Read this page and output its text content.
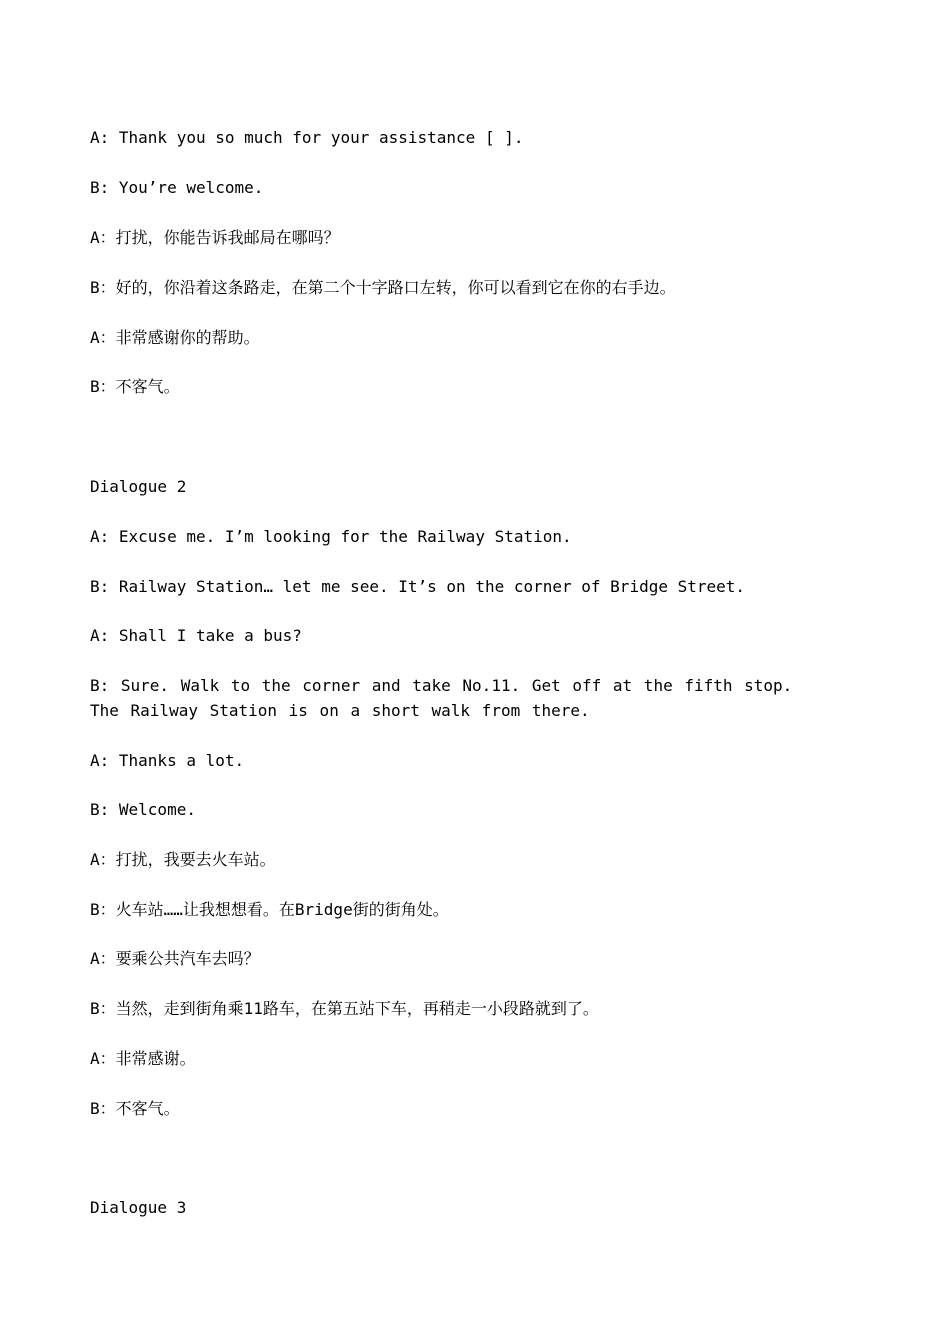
A: Thank you so much for your assistance [ ].

B: You’re welcome.

A：打扰，你能告诉我邮局在哪吗？

B：好的，你沿着这条路走，在第二个十字路口左转，你可以看到它在你的右手边。

A：非常感谢你的帮助。

B：不客气。

Dialogue 2

A: Excuse me. I’m looking for the Railway Station.

B: Railway Station… let me see. It’s on the corner of Bridge Street.

A: Shall I take a bus?

B: Sure. Walk to the corner and take No.11. Get off at the fifth stop. The Railway Station is on a short walk from there.

A: Thanks a lot.

B: Welcome.

A：打扰，我要去火车站。

B：火车站……让我想想看。在Bridge街的街角处。

A：要乘公共汽车去吗？

B：当然，走到街角乘11路车，在第五站下车，再稍走一小段路就到了。

A：非常感谢。

B：不客气。

Dialogue 3
